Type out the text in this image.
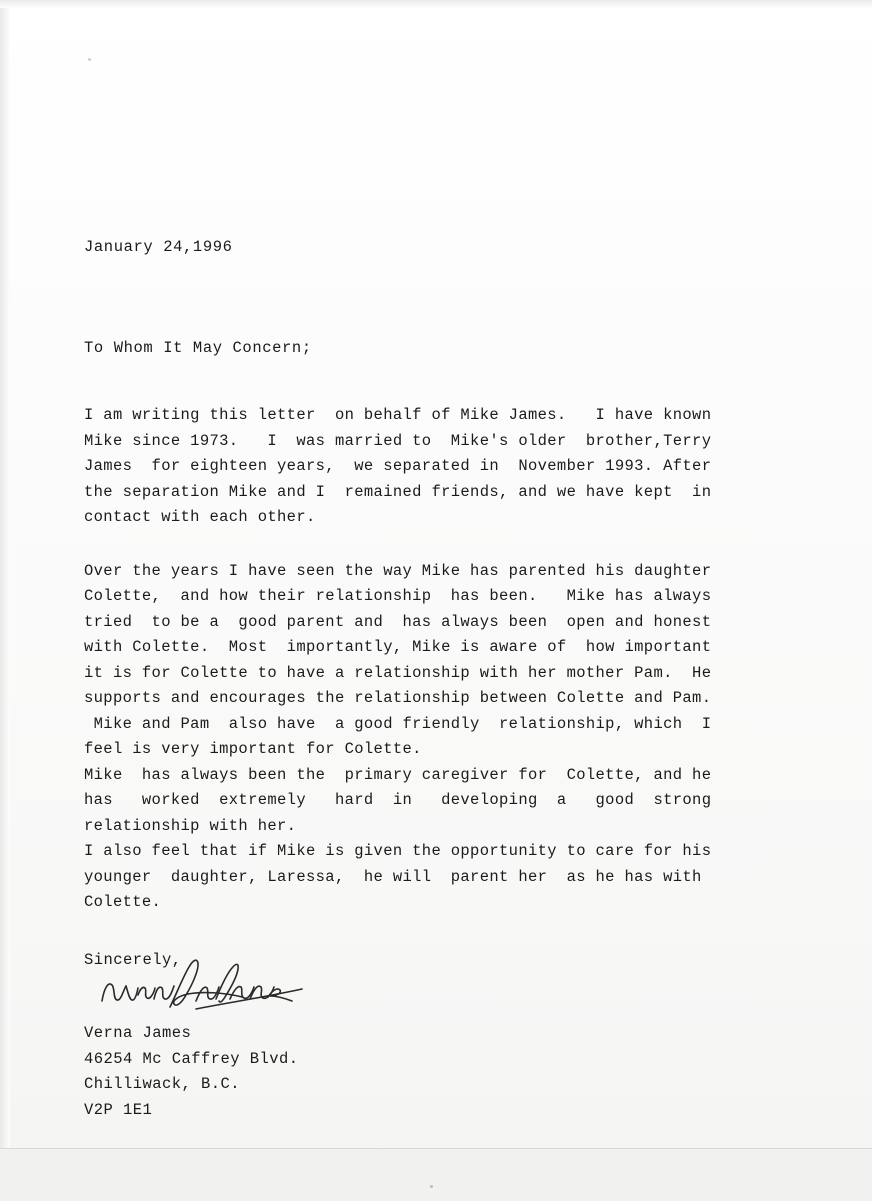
January 24,1996
To Whom It May Concern;
I am writing this letter  on behalf of Mike James.   I have known
Mike since 1973.   I  was married to  Mike's older  brother,Terry
James  for eighteen years,  we separated in  November 1993. After
the separation Mike and I  remained friends, and we have kept  in
contact with each other.
Over the years I have seen the way Mike has parented his daughter
Colette,  and how their relationship  has been.   Mike has always
tried  to be a  good parent and  has always been  open and honest
with Colette.  Most  importantly, Mike is aware of  how important
it is for Colette to have a relationship with her mother Pam.  He
supports and encourages the relationship between Colette and Pam.
Mike and Pam  also have  a good friendly  relationship, which  I
feel is very important for Colette.
Mike  has always been the  primary caregiver for  Colette, and he
has   worked  extremely   hard  in   developing  a   good  strong
relationship with her.
I also feel that if Mike is given the opportunity to care for his
younger  daughter, Laressa,  he will  parent her  as he has with
Colette.
Sincerely,
Verna James
46254 Mc Caffrey Blvd.
Chilliwack, B.C.
V2P 1E1
